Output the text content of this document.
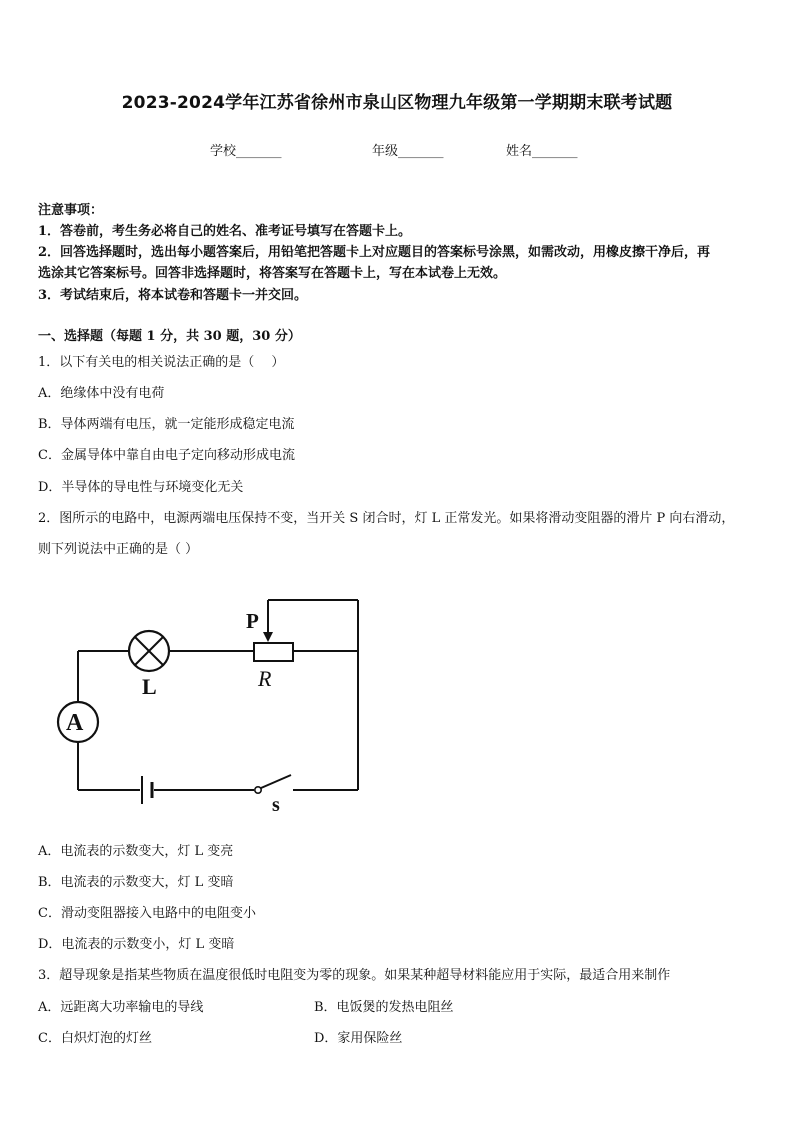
2023-2024学年江苏省徐州市泉山区物理九年级第一学期期末联考试题
学校_______	年级_______	姓名_______
注意事项：
1．答卷前，考生务必将自己的姓名、准考证号填写在答题卡上。
2．回答选择题时，选出每小题答案后，用铅笔把答题卡上对应题目的答案标号涂黑，如需改动，用橡皮擦干净后，再
选涂其它答案标号。回答非选择题时，将答案写在答题卡上，写在本试卷上无效。
3．考试结束后，将本试卷和答题卡一并交回。
一、选择题（每题 1 分，共 30 题，30 分）
1．以下有关电的相关说法正确的是（　 ）
A．绝缘体中没有电荷
B．导体两端有电压，就一定能形成稳定电流
C．金属导体中靠自由电子定向移动形成电流
D．半导体的导电性与环境变化无关
2．图所示的电路中，电源两端电压保持不变，当开关 S 闭合时，灯 L 正常发光。如果将滑动变阻器的滑片 P 向右滑动，
则下列说法中正确的是（ ）
P
R
L
A
s
A．电流表的示数变大，灯 L 变亮
B．电流表的示数变大，灯 L 变暗
C．滑动变阻器接入电路中的电阻变小
D．电流表的示数变小，灯 L 变暗
3．超导现象是指某些物质在温度很低时电阻变为零的现象。如果某种超导材料能应用于实际，最适合用来制作
A．远距离大功率输电的导线	B．电饭煲的发热电阻丝
C．白炽灯泡的灯丝	D．家用保险丝
